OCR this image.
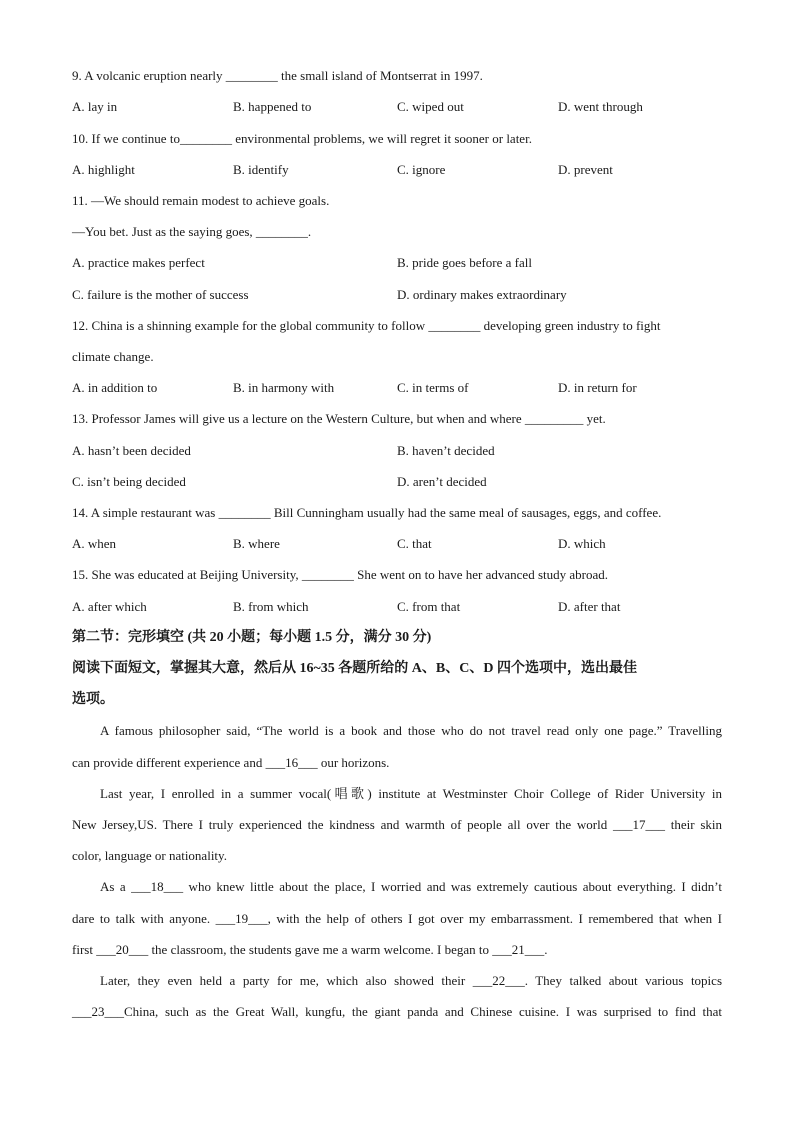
9. A volcanic eruption nearly ________ the small island of Montserrat in 1997.
A. lay in	B. happened to	C. wiped out	D. went through
10. If we continue to________ environmental problems, we will regret it sooner or later.
A. highlight	B. identify	C. ignore	D. prevent
11. —We should remain modest to achieve goals.
—You bet. Just as the saying goes, ________.
A. practice makes perfect	B. pride goes before a fall
C. failure is the mother of success	D. ordinary makes extraordinary
12. China is a shinning example for the global community to follow ________ developing green industry to fight
climate change.
A. in addition to	B. in harmony with	C. in terms of	D. in return for
13. Professor James will give us a lecture on the Western Culture, but when and where _________ yet.
A. hasn’t been decided	B. haven’t decided
C. isn’t being decided	D. aren’t decided
14. A simple restaurant was ________ Bill Cunningham usually had the same meal of sausages, eggs, and coffee.
A. when	B. where	C. that	D. which
15. She was educated at Beijing University, ________ She went on to have her advanced study abroad.
A. after which	B. from which	C. from that	D. after that
第二节：完形填空 (共 20 小题；每小题 1.5 分，满分 30 分)
阅读下面短文，掌握其大意，然后从 16~35 各题所给的 A、B、C、D 四个选项中，选出最佳
选项。
A famous philosopher said, “The world is a book and those who do not travel read only one page.” Travelling
can provide different experience and ___16___ our horizons.
Last year, I enrolled in a summer vocal(唱歌) institute at Westminster Choir College of Rider University in
New Jersey,US. There I truly experienced the kindness and warmth of people all over the world ___17___ their skin
color, language or nationality.
As a ___18___ who knew little about the place, I worried and was extremely cautious about everything. I didn’t
dare to talk with anyone. ___19___, with the help of others I got over my embarrassment. I remembered that when I
first ___20___ the classroom, the students gave me a warm welcome. I began to ___21___.
Later, they even held a party for me, which also showed their ___22___. They talked about various topics
___23___China, such as the Great Wall, kungfu, the giant panda and Chinese cuisine. I was surprised to find that
